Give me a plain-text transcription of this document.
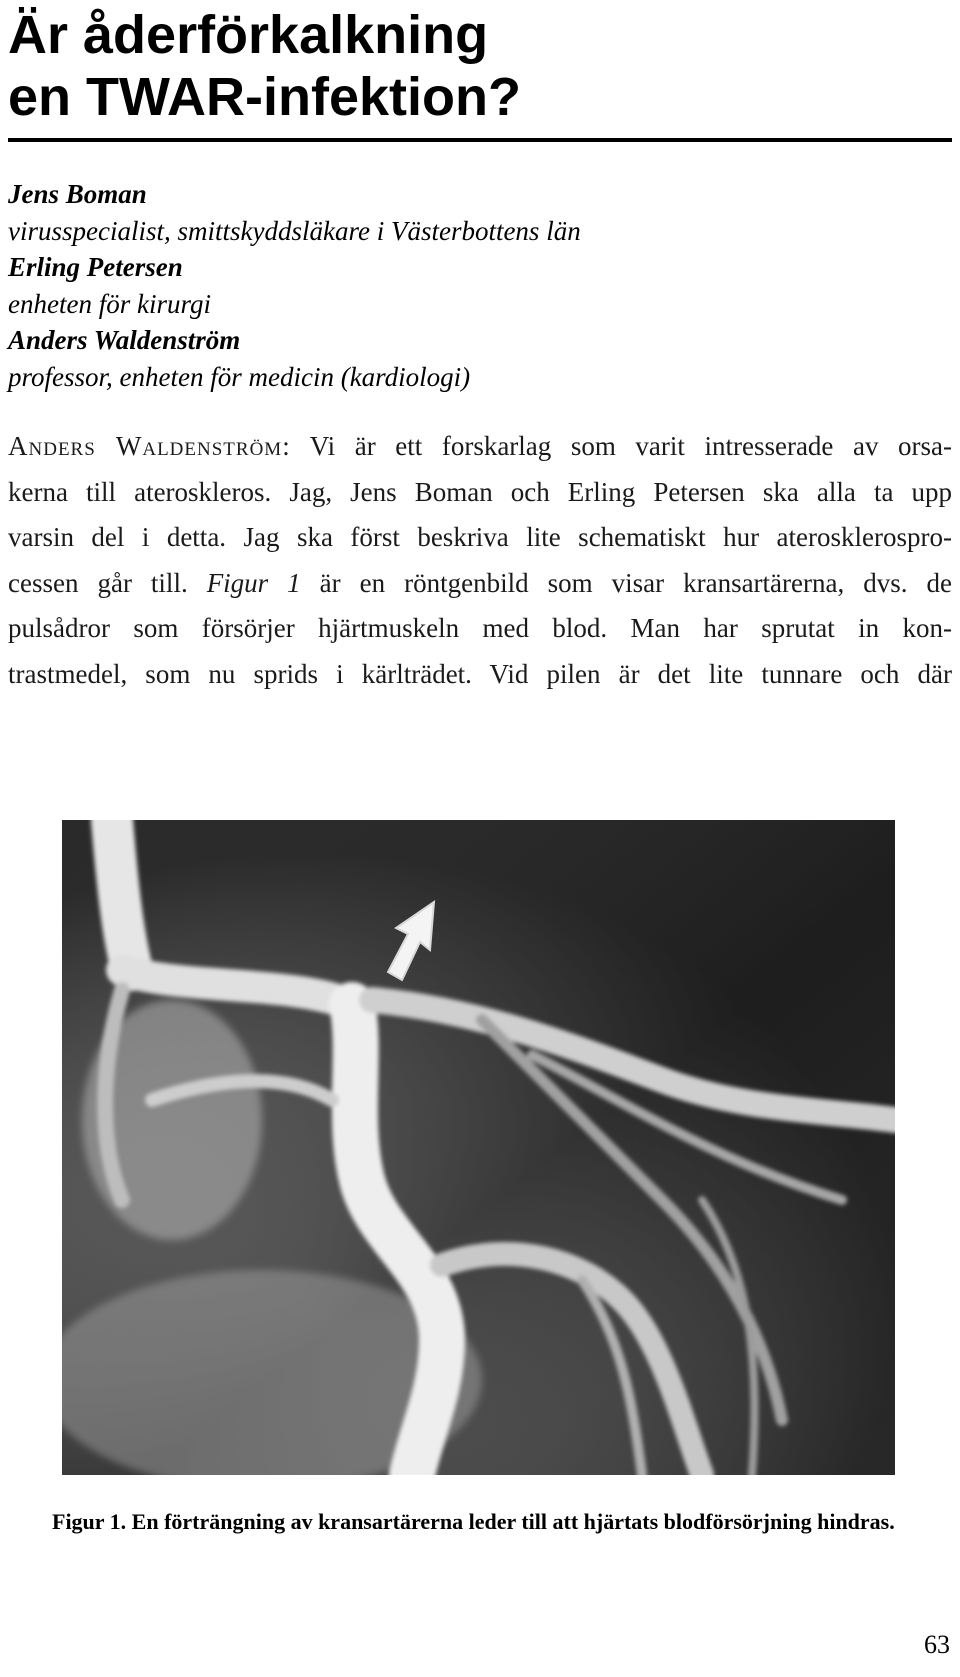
Är åderförkalkning
en TWAR-infektion?
Jens Boman
virusspecialist, smittskyddsläkare i Västerbottens län
Erling Petersen
enheten för kirurgi
Anders Waldenström
professor, enheten för medicin (kardiologi)
Anders Waldenström: Vi är ett forskarlag som varit intresserade av orsa-
kerna till ateroskleros. Jag, Jens Boman och Erling Petersen ska alla ta upp
varsin del i detta. Jag ska först beskriva lite schematiskt hur aterosklerospro-
cessen går till. Figur 1 är en röntgenbild som visar kransartärerna, dvs. de
pulsådror som försörjer hjärtmuskeln med blod. Man har sprutat in kon-
trastmedel, som nu sprids i kärlträdet. Vid pilen är det lite tunnare och där
Figur 1. En förträngning av kransartärerna leder till att hjärtats blodförsörjning hindras.
63
